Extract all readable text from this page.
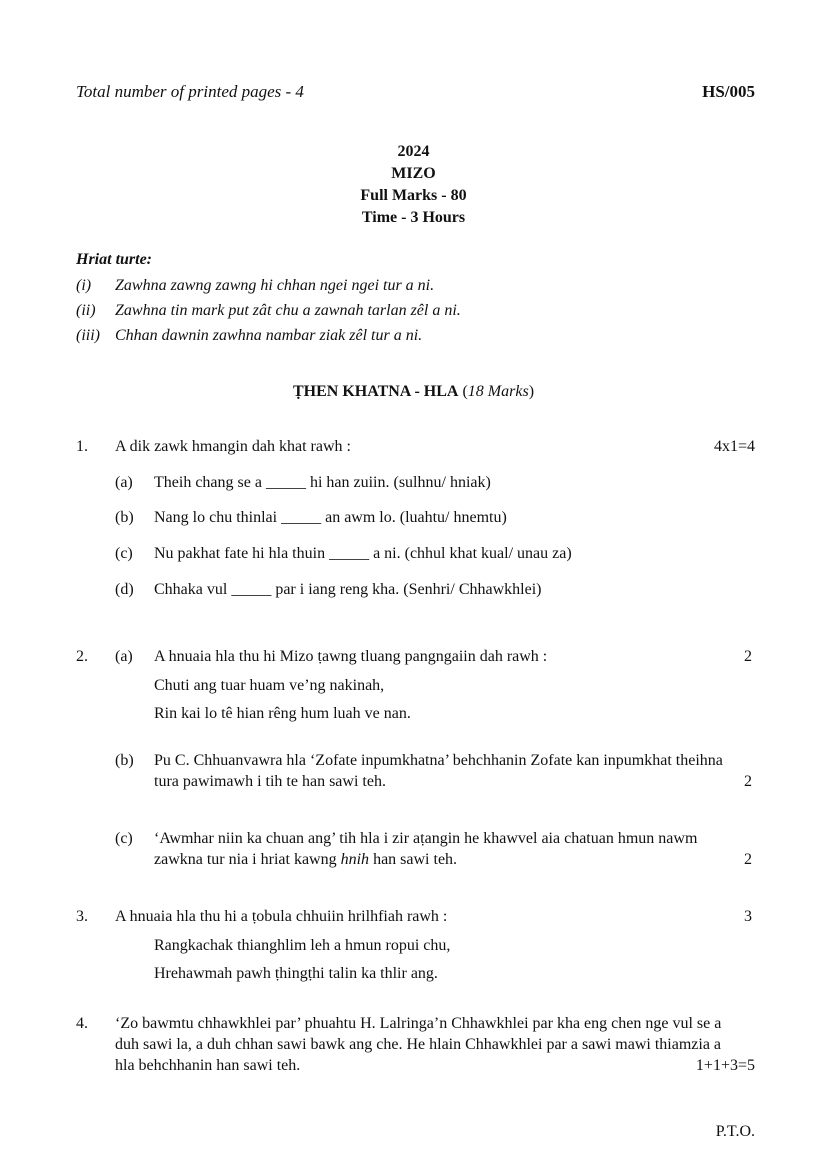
Total number of printed pages - 4	HS/005
2024
MIZO
Full Marks - 80
Time - 3 Hours
Hriat turte:
(i) Zawhna zawng zawng hi chhan ngei ngei tur a ni.
(ii) Zawhna tin mark put zât chu a zawnah tarlan zêl a ni.
(iii) Chhan dawnin zawhna nambar ziak zêl tur a ni.
ṬHEN KHATNA - HLA (18 Marks)
1. A dik zawk hmangin dah khat rawh :	4x1=4
(a) Theih chang se a _____ hi han zuiin. (sulhnu/ hniak)
(b) Nang lo chu thinlai _____ an awm lo. (luahtu/ hnemtu)
(c) Nu pakhat fate hi hla thuin _____ a ni. (chhul khat kual/ unau za)
(d) Chhaka vul _____ par i iang reng kha. (Senhri/ Chhawkhlei)
2. (a) A hnuaia hla thu hi Mizo ṭawng tluang pangngaiin dah rawh :	2
Chuti ang tuar huam ve’ng nakinah,
Rin kai lo tê hian rêng hum luah ve nan.
(b) Pu C. Chhuanvawra hla ‘Zofate inpumkhatna’ behchhanin Zofate kan inpumkhat theihna
tura pawimawh i tih te han sawi teh.	2
(c) ‘Awmhar niin ka chuan ang’ tih hla i zir aṭangin he khawvel aia chatuan hmun nawm
zawkna tur nia i hriat kawng hnih han sawi teh.	2
3. A hnuaia hla thu hi a ṭobula chhuiin hrilhfiah rawh :	3
Rangkachak thianghlim leh a hmun ropui chu,
Hrehawmah pawh ṭhingṭhi talin ka thlir ang.
4. ‘Zo bawmtu chhawkhlei par’ phuahtu H. Lalringa’n Chhawkhlei par kha eng chen nge vul se a
duh sawi la, a duh chhan sawi bawk ang che. He hlain Chhawkhlei par a sawi mawi thiamzia a
hla behchhanin han sawi teh.	1+1+3=5
P.T.O.
